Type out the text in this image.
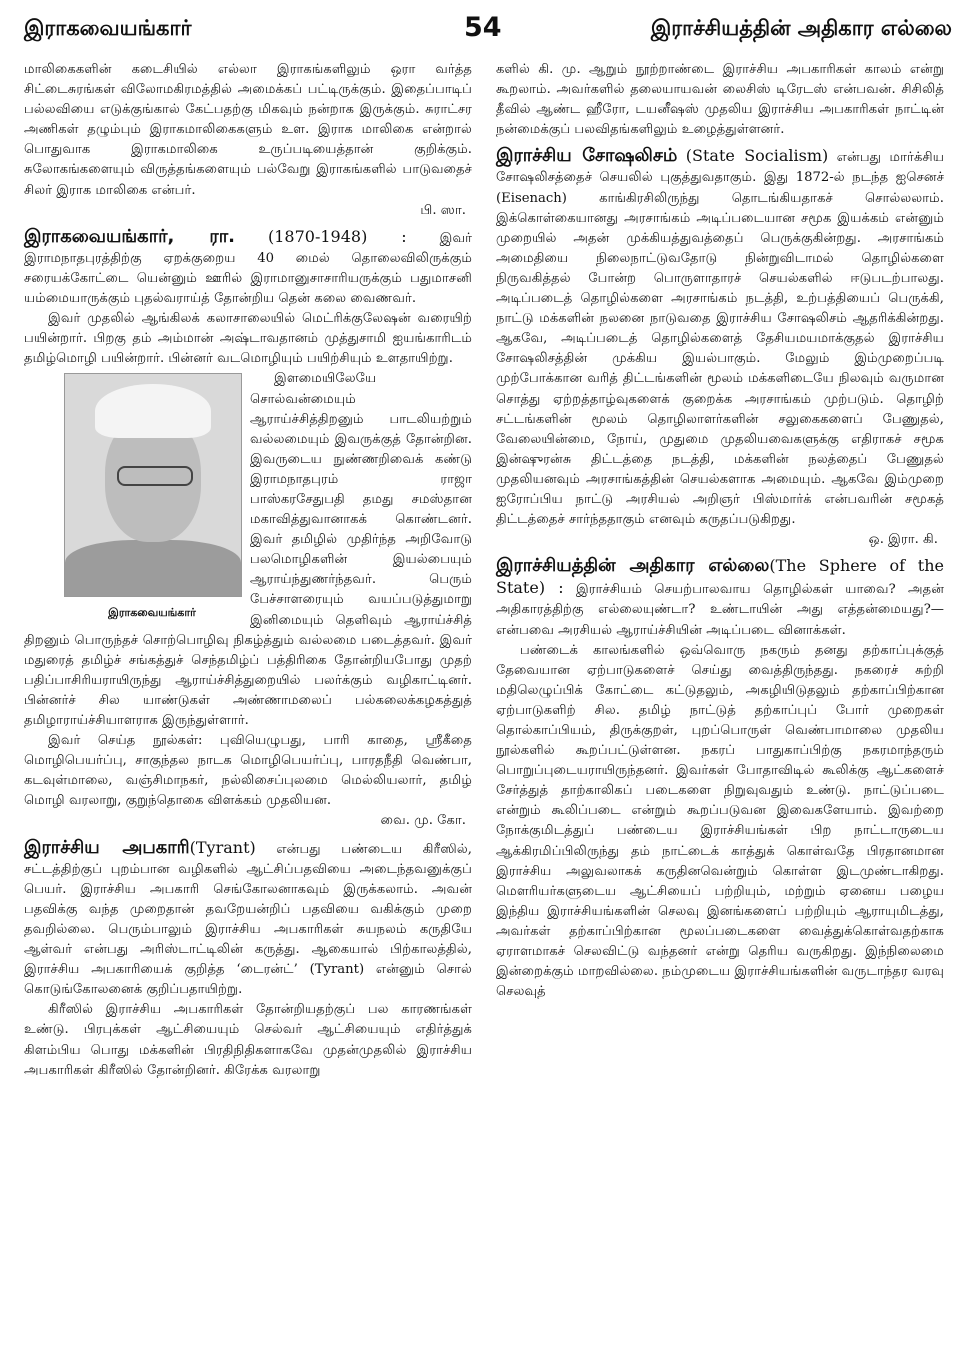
இராகவையங்கார்	54	இராச்சியத்தின் அதிகார எல்லை

மாலிகைகளின் கடைசியில் எல்லா இராகங்களிலும் ஒரா வர்த்த சிட்டைசுரங்கள் விலோமகிரமத்தில் அமைக்கப் பட்டிருக்கும். இதைப்பாடிப் பல்லவியை எடுக்குங்கால் கேட்பதற்கு மிகவும் நன்றாக இருக்கும். சுராட்சர அணிகள் தழும்பும் இராகமாலிகைகளும் உள. இராக மாலிகை என்றால் பொதுவாக இராகமாலிகை உருப்படியைத்தான் குறிக்கும். சுலோகங்களையும் விருத்தங்களையும் பல்வேறு இராகங்களில் பாடுவதைச் சிலர் இராக மாலிகை என்பர்.

பி. ஸா.

இராகவையங்கார், ரா. (1870-1948) :	இவர் இராமநாதபுரத்திற்கு ஏறக்குறைய 40 மைல் தொலைவிலிருக்கும் சரையக்கோட்டை யென்னும் ஊரில் இராமானுசாசாரியருக்கும் பதுமாசனி யம்மையாருக்கும் புதல்வராய்த் தோன்றிய தென் கலை வைணவர்.

இவர் முதலில் ஆங்கிலக் கலாசாலையில் மெட்ரிக்குலேஷன் வரையிற் பயின்றார். பிறகு தம் அம்மான் அஷ்டாவதானம் முத்துசாமி ஐயங்காரிடம் தமிழ்மொழி பயின்றார். பின்னர் வடமொழியும் பயிற்சியும் உளதாயிற்று.

இராகவையங்கார்

இளமையிலேயே சொல்வன்மையும் ஆராய்ச்சித்திறனும் பாடலியற்றும் வல்லமையும் இவருக்குத் தோன்றின. இவருடைய நுண்ணறிவைக் கண்டு இராமநாதபுரம் ராஜா பாஸ்கரசேதுபதி தமது சமஸ்தான மகாவித்துவானாகக் கொண்டனர். இவர் தமிழில் முதிர்ந்த அறிவோடு பலமொழிகளின் இயல்பையும் ஆராய்ந்துணர்ந்தவர். பெரும் பேச்சாளரையும் வயப்படுத்துமாறு இனிமையும் தெளிவும் ஆராய்ச்சித் திறனும் பொருந்தச் சொற்பொழிவு நிகழ்த்தும் வல்லமை படைத்தவர். இவர் மதுரைத் தமிழ்ச் சங்கத்துச் செந்தமிழ்ப் பத்திரிகை தோன்றியபோது முதற் பதிப்பாசிரியராயிருந்து ஆராய்ச்சித்துறையில் பலர்க்கும் வழிகாட்டினர். பின்னர்ச் சில யாண்டுகள் அண்ணாமலைப் பல்கலைக்கழகத்துத் தமிழாராய்ச்சியாளராக இருந்துள்ளார்.

இவர் செய்த நூல்கள்: புவியெழுபது, பாரி காதை, ஸ்ரீகீதை மொழிபெயர்ப்பு, சாகுந்தல நாடக மொழிபெயர்ப்பு, பாரதநீதி வெண்பா, கடவுள்மாலை, வஞ்சிமாநகர், நல்லிசைப்புலமை மெல்லியலார், தமிழ் மொழி வரலாறு, குறுந்தொகை விளக்கம் முதலியன.

வை. மு. கோ.

இராச்சிய அபகாரி(Tyrant) என்பது பண்டைய கிரீஸில், சட்டத்திற்குப் புறம்பான வழிகளில் ஆட்சிப்பதவியை அடைந்தவனுக்குப் பெயர். இராச்சிய அபகாரி செங்கோலனாகவும் இருக்கலாம். அவன் பதவிக்கு வந்த முறைதான் தவறேயன்றிப் பதவியை வகிக்கும் முறை தவறில்லை. பெரும்பாலும் இராச்சிய அபகாரிகள் சுயநலம் கருதியே ஆள்வர் என்பது அரிஸ்டாட்டிலின் கருத்து. ஆகையால் பிற்காலத்தில், இராச்சிய அபகாரியைக் குறித்த ‘டைரன்ட்’ (Tyrant) என்னும் சொல் கொடுங்கோலனைக் குறிப்பதாயிற்று.

கிரீஸில் இராச்சிய அபகாரிகள் தோன்றியதற்குப் பல காரணங்கள் உண்டு. பிரபுக்கள் ஆட்சியையும் செல்வர் ஆட்சியையும் எதிர்த்துக் கிளம்பிய பொது மக்களின் பிரதிநிதிகளாகவே முதன்முதலில் இராச்சிய அபகாரிகள் கிரீஸில் தோன்றினர். கிரேக்க வரலாறு

களில் கி. மு. ஆறும் நூற்றாண்டை இராச்சிய அபகாரிகள் காலம் என்று கூறலாம். அவர்களில் தலையாயவன் லைசிஸ் டிரேடஸ் என்பவன். சிசிலித் தீவில் ஆண்ட ஹீரோ, டயனீஷஸ் முதலிய இராச்சிய அபகாரிகள் நாட்டின் நன்மைக்குப் பலவிதங்களிலும் உழைத்துள்ளனர்.

இராச்சிய சோஷலிசம் (State Socialism) என்பது மார்க்சிய சோஷலிசத்தைச் செயலில் புகுத்துவதாகும். இது 1872-ல் நடந்த ஐசெனச் (Eisenach) காங்கிரசிலிருந்து தொடங்கியதாகச் சொல்லலாம். இக்கொள்கையானது அரசாங்கம் அடிப்படையான சமூக இயக்கம் என்னும் முறையில் அதன் முக்கியத்துவத்தைப் பெருக்குகின்றது. அரசாங்கம் அமைதியை நிலைநாட்டுவதோடு நின்றுவிடாமல் தொழில்களை நிருவகித்தல் போன்ற பொருளாதாரச் செயல்களில் ஈடுபடற்பாலது. அடிப்படைத் தொழில்களை அரசாங்கம் நடத்தி, உற்பத்தியைப் பெருக்கி, நாட்டு மக்களின் நலனை நாடுவதை இராச்சிய சோஷலிசம் ஆதரிக்கின்றது. ஆகவே, அடிப்படைத் தொழில்களைத் தேசியமயமாக்குதல் இராச்சிய சோஷலிசத்தின் முக்கிய இயல்பாகும். மேலும் இம்முறைப்படி முற்போக்கான வரித் திட்டங்களின் மூலம் மக்களிடையே நிலவும் வருமான சொத்து ஏற்றத்தாழ்வுகளைக் குறைக்க அரசாங்கம் முற்படும். தொழிற் சட்டங்களின் மூலம் தொழிலாளர்களின் சலுகைகளைப் பேணுதல், வேலையின்மை, நோய், முதுமை முதலியவைகளுக்கு எதிராகச் சமூக இன்ஷுரன்சு திட்டத்தை நடத்தி, மக்களின் நலத்தைப் பேணுதல் முதலியனவும் அரசாங்கத்தின் செயல்களாக அமையும். ஆகவே இம்முறை ஐரோப்பிய நாட்டு அரசியல் அறிஞர் பிஸ்மார்க் என்பவரின் சமூகத் திட்டத்தைச் சார்ந்ததாகும் எனவும் கருதப்படுகிறது.

ஒ. இரா. கி.

இராச்சியத்தின் அதிகார எல்லை(The Sphere of the State) : இராச்சியம் செயற்பாலவாய தொழில்கள் யாவை? அதன் அதிகாரத்திற்கு எல்லையுண்டா? உண்டாயின் அது எத்தன்மையது?— என்பவை அரசியல் ஆராய்ச்சியின் அடிப்படை வினாக்கள்.

பண்டைக் காலங்களில் ஒவ்வொரு நகரும் தனது தற்காப்புக்குத் தேவையான ஏற்பாடுகளைச் செய்து வைத்திருந்தது. நகரைச் சுற்றி மதிலெழுப்பிக் கோட்டை கட்டுதலும், அகழியிடுதலும் தற்காப்பிற்கான ஏற்பாடுகளிற் சில. தமிழ் நாட்டுத் தற்காப்புப் போர் முறைகள் தொல்காப்பியம், திருக்குறள், புறப்பொருள் வெண்பாமாலை முதலிய நூல்களில் கூறப்பட்டுள்ளன. நகரப் பாதுகாப்பிற்கு நகரமாந்தரும் பொறுப்புடையராயிருந்தனர். இவர்கள் போதாவிடில் கூலிக்கு ஆட்களைச் சேர்த்துத் தாற்காலிகப் படைகளை நிறுவுவதும் உண்டு. நாட்டுப்படை என்றும் கூலிப்படை என்றும் கூறப்படுவன இவைகளேயாம். இவற்றை நோக்குமிடத்துப் பண்டைய இராச்சியங்கள் பிற நாட்டாருடைய ஆக்கிரமிப்பிலிருந்து தம் நாட்டைக் காத்துக் கொள்வதே பிரதானமான இராச்சிய அலுவலாகக் கருதினவென்றும் கொள்ள இடமுண்டாகிறது. மௌரியர்களுடைய ஆட்சியைப் பற்றியும், மற்றும் ஏனைய பழைய இந்திய இராச்சியங்களின் செலவு இனங்களைப் பற்றியும் ஆராயுமிடத்து, அவர்கள் தற்காப்பிற்கான மூலப்படைகளை வைத்துக்கொள்வதற்காக ஏராளமாகச் செலவிட்டு வந்தனர் என்று தெரிய வருகிறது. இந்நிலைமை இன்றைக்கும் மாறவில்லை. நம்முடைய இராச்சியங்களின் வருடாந்தர வரவு செலவுத்
